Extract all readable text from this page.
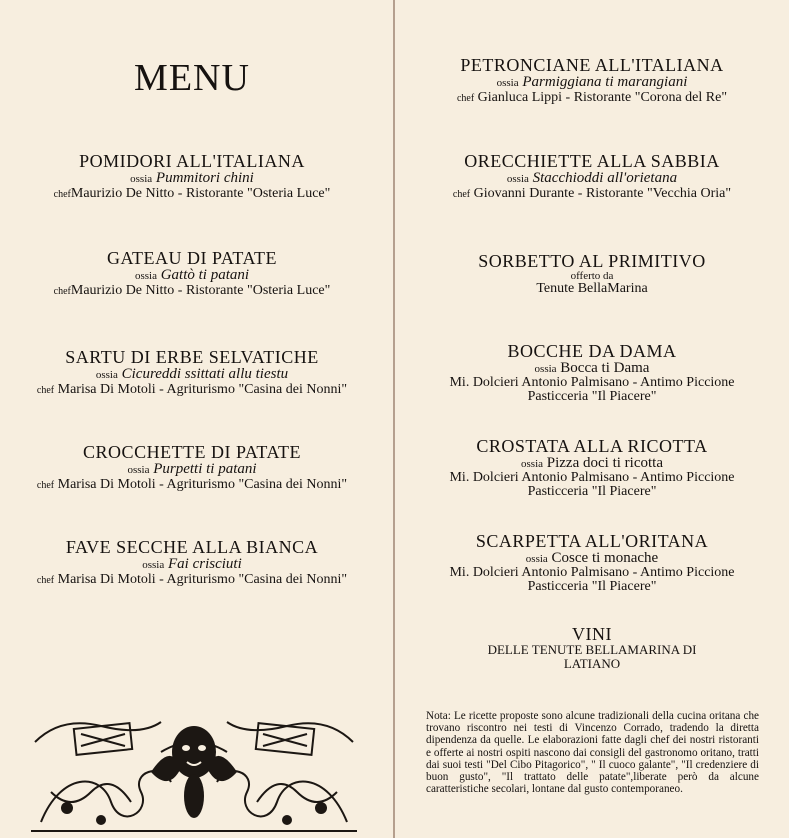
MENU
POMIDORI ALL'ITALIANA
ossia Pummitori chini
chefMaurizio De Nitto - Ristorante "Osteria Luce"
GATEAU DI PATATE
ossia Gattò ti patani
chefMaurizio De Nitto - Ristorante "Osteria Luce"
SARTU DI ERBE SELVATICHE
ossia Cicureddi ssittati allu tiestu
chef Marisa Di Motoli - Agriturismo "Casina dei Nonni"
CROCCHETTE DI PATATE
ossia Purpetti ti patani
chef Marisa Di Motoli - Agriturismo "Casina dei Nonni"
FAVE SECCHE ALLA BIANCA
ossia Fai crisciuti
chef Marisa Di Motoli - Agriturismo "Casina dei Nonni"
PETRONCIANE ALL'ITALIANA
ossia Parmiggiana ti marangiani
chef Gianluca Lippi - Ristorante "Corona del Re"
ORECCHIETTE ALLA SABBIA
ossia Stacchioddi all'orietana
chef Giovanni Durante - Ristorante "Vecchia Oria"
SORBETTO AL PRIMITIVO
offerto da
Tenute BellaMarina
BOCCHE DA DAMA
ossia Bocca ti Dama
Mi. Dolcieri Antonio Palmisano - Antimo Piccione
Pasticceria "Il Piacere"
CROSTATA ALLA RICOTTA
ossia Pizza doci ti ricotta
Mi. Dolcieri Antonio Palmisano - Antimo Piccione
Pasticceria "Il Piacere"
SCARPETTA ALL'ORITANA
ossia Cosce ti monache
Mi. Dolcieri Antonio Palmisano - Antimo Piccione
Pasticceria "Il Piacere"
VINI
DELLE TENUTE BELLAMARINA DI
LATIANO
Nota: Le ricette proposte sono alcune tradizionali della cucina oritana che trovano riscontro nei testi di Vincenzo Corrado, tradendo la diretta dipendenza da quelle. Le elaborazioni fatte dagli chef dei nostri ristoranti e offerte ai nostri ospiti nascono dai consigli del gastronomo oritano, tratti dai suoi testi "Del Cibo Pitagorico", " Il cuoco galante", "Il credenziere di buon gusto", "Il trattato delle patate",liberate però da alcune caratteristiche secolari, lontane dal gusto contemporaneo.
